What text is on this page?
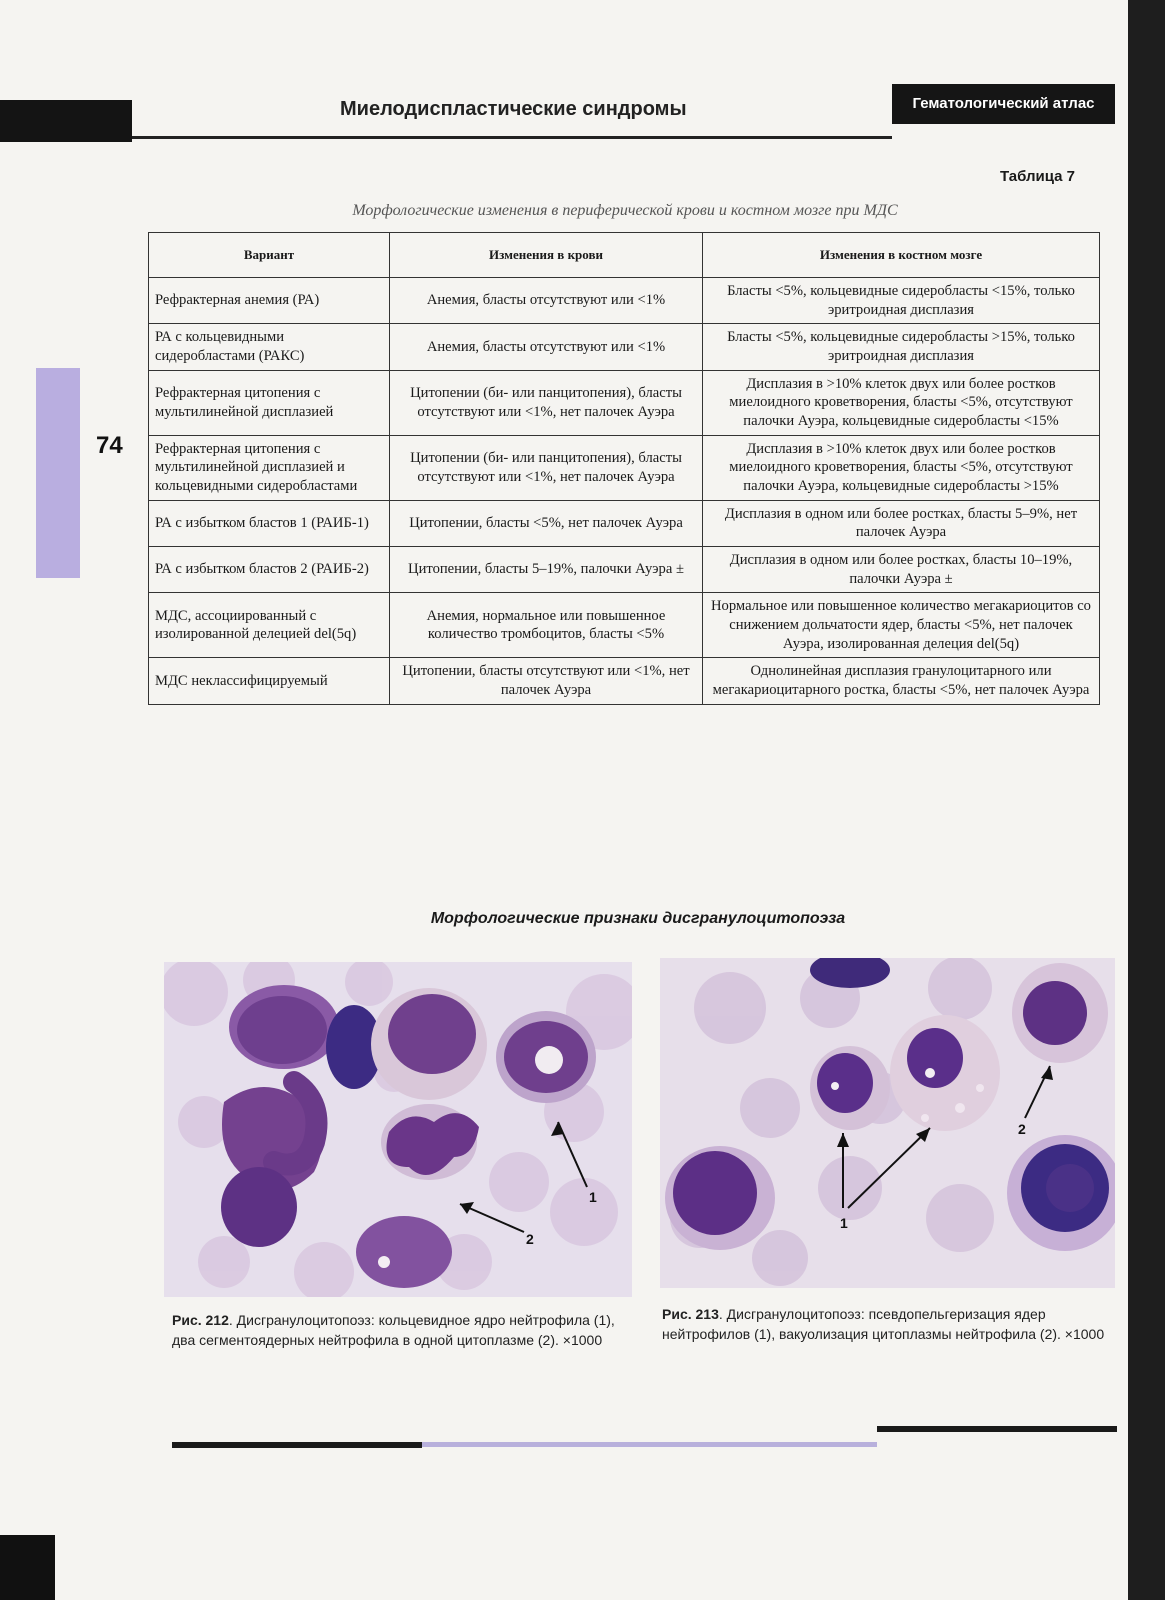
Миелодиспластические синдромы	Гематологический атлас
74
Таблица 7
Морфологические изменения в периферической крови и костном мозге при МДС
Вариант	Изменения в крови	Изменения в костном мозге
Рефрактерная анемия (РА)	Анемия, бласты отсутствуют или <1%	Бласты <5%, кольцевидные сидеробласты <15%, только эритроидная дисплазия
РА с кольцевидными сидеробластами (РАКС)	Анемия, бласты отсутствуют или <1%	Бласты <5%, кольцевидные сидеробласты >15%, только эритроидная дисплазия
Рефрактерная цитопения с мультилинейной дисплазией	Цитопении (би- или панцитопения), бласты отсутствуют или <1%, нет палочек Ауэра	Дисплазия в >10% клеток двух или более ростков миелоидного кроветворения, бласты <5%, отсутствуют палочки Ауэра, кольцевидные сидеробласты <15%
Рефрактерная цитопения с мультилинейной дисплазией и кольцевидными сидеробластами	Цитопении (би- или панцитопения), бласты отсутствуют или <1%, нет палочек Ауэра	Дисплазия в >10% клеток двух или более ростков миелоидного кроветворения, бласты <5%, отсутствуют палочки Ауэра, кольцевидные сидеробласты >15%
РА с избытком бластов 1 (РАИБ-1)	Цитопении, бласты <5%, нет палочек Ауэра	Дисплазия в одном или более ростках, бласты 5–9%, нет палочек Ауэра
РА с избытком бластов 2 (РАИБ-2)	Цитопении, бласты 5–19%, палочки Ауэра ±	Дисплазия в одном или более ростках, бласты 10–19%, палочки Ауэра ±
МДС, ассоциированный с изолированной делецией del(5q)	Анемия, нормальное или повышенное количество тромбоцитов, бласты <5%	Нормальное или повышенное количество мегакариоцитов со снижением дольчатости ядер, бласты <5%, нет палочек Ауэра, изолированная делеция del(5q)
МДС неклассифицируемый	Цитопении, бласты отсутствуют или <1%, нет палочек Ауэра	Однолинейная дисплазия гранулоцитарного или мегакариоцитарного ростка, бласты <5%, нет палочек Ауэра
Морфологические признаки дисгранулоцитопоэза
1
2
1
2
Рис. 212. Дисгранулоцитопоэз: кольцевидное ядро нейтрофила (1), два сегментоядерных нейтрофила в одной цитоплазме (2). ×1000
Рис. 213. Дисгранулоцитопоэз: псевдопельгеризация ядер нейтрофилов (1), вакуолизация цитоплазмы нейтрофила (2). ×1000
